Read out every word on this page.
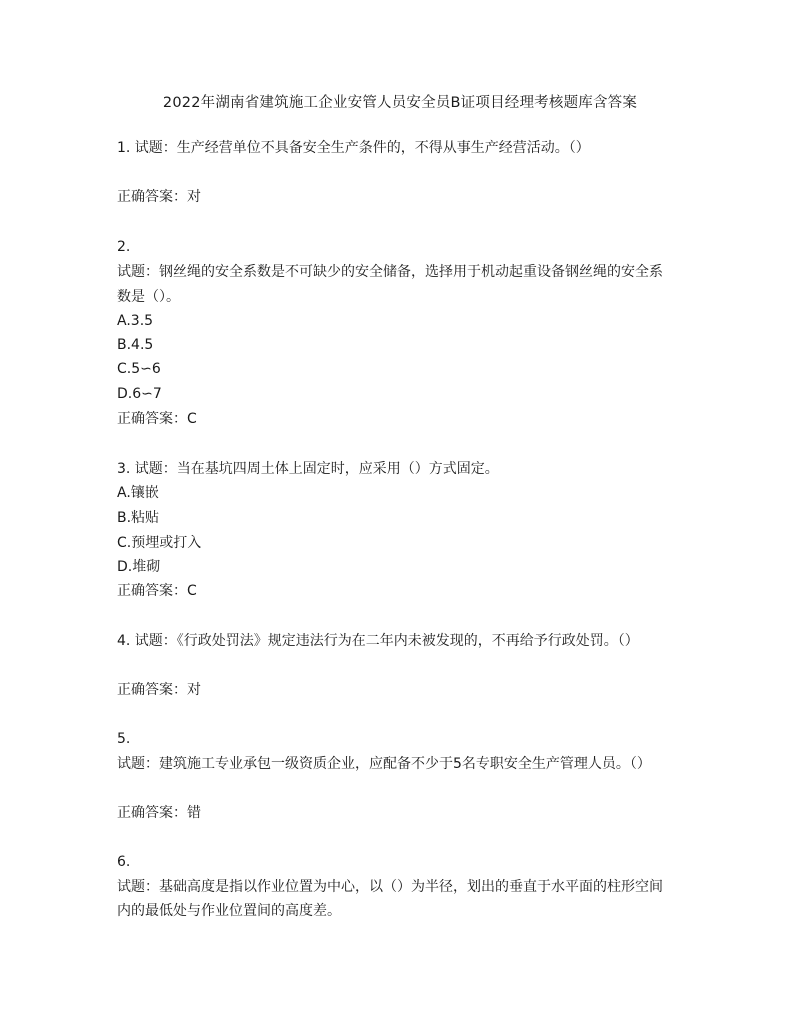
2022年湖南省建筑施工企业安管人员安全员B证项目经理考核题库含答案
1. 试题：生产经营单位不具备安全生产条件的，不得从事生产经营活动。（）
正确答案：对
2.
试题：钢丝绳的安全系数是不可缺少的安全储备，选择用于机动起重设备钢丝绳的安全系
数是（）。
A.3.5
B.4.5
C.5∽6
D.6∽7
正确答案：C
3. 试题：当在基坑四周土体上固定时，应采用（）方式固定。
A.镶嵌
B.粘贴
C.预埋或打入
D.堆砌
正确答案：C
4. 试题：《行政处罚法》规定违法行为在二年内未被发现的，不再给予行政处罚。（）
正确答案：对
5.
试题：建筑施工专业承包一级资质企业，应配备不少于5名专职安全生产管理人员。（）
正确答案：错
6.
试题：基础高度是指以作业位置为中心，以（）为半径，划出的垂直于水平面的柱形空间
内的最低处与作业位置间的高度差。
